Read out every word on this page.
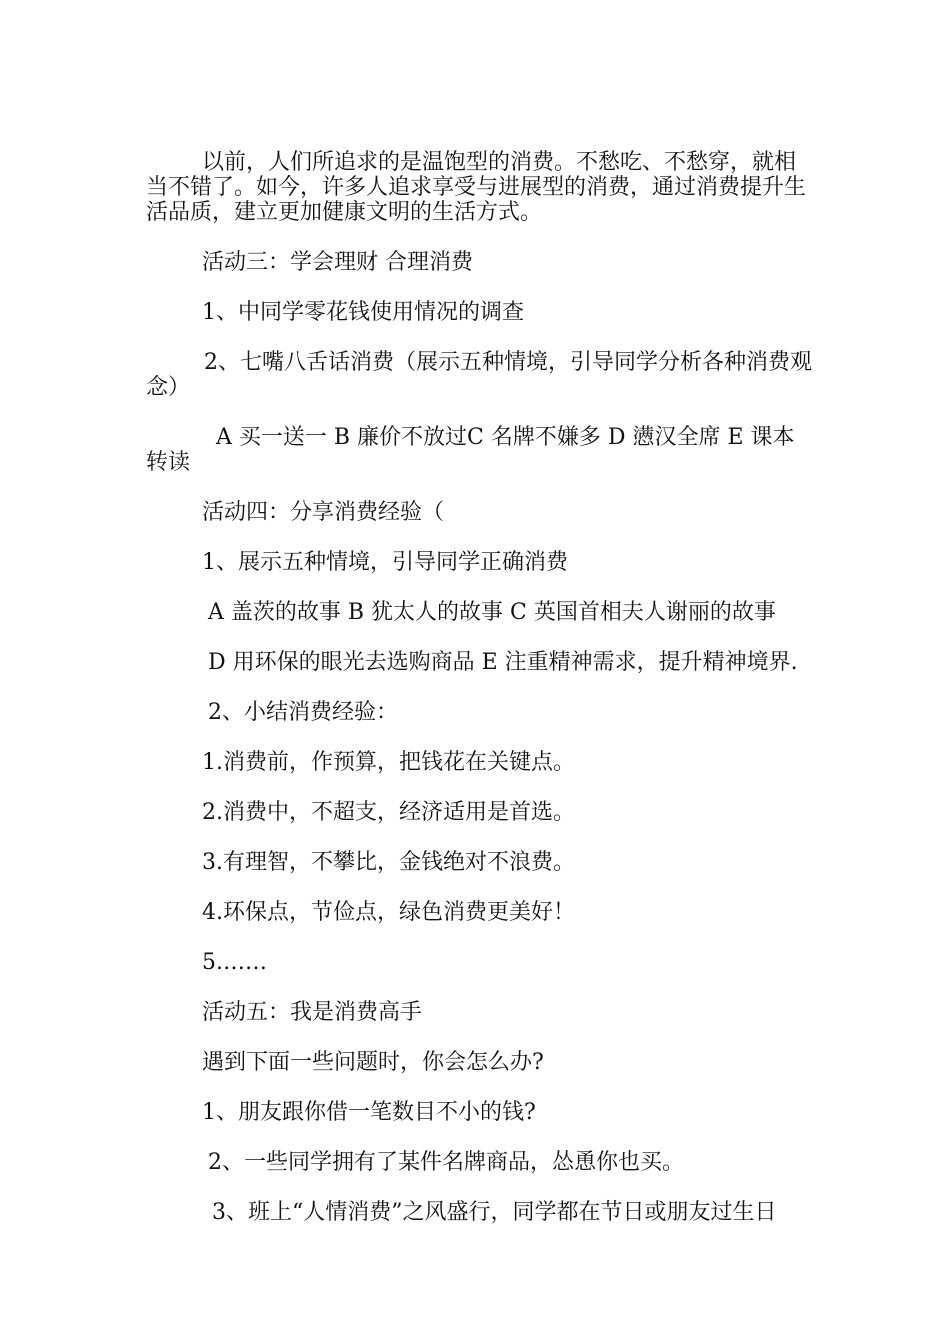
以前，人们所追求的是温饱型的消费。不愁吃、不愁穿，就相当不错了。如今，许多人追求享受与进展型的消费，通过消费提升生活品质，建立更加健康文明的生活方式。

活动三：学会理财 合理消费

1、中同学零花钱使用情况的调查

2、七嘴八舌话消费（展示五种情境，引导同学分析各种消费观念）

A 买一送一 B 廉价不放过C 名牌不嫌多 D 懑汉全席 E 课本转读

活动四：分享消费经验（

1、展示五种情境，引导同学正确消费

A 盖茨的故事 B 犹太人的故事 C 英国首相夫人谢丽的故事

D 用环保的眼光去选购商品 E 注重精神需求，提升精神境界.

2、小结消费经验：

1.消费前，作预算，把钱花在关键点。

2.消费中，不超支，经济适用是首选。

3.有理智，不攀比，金钱绝对不浪费。

4.环保点，节俭点，绿色消费更美好！

5.……

活动五：我是消费高手

遇到下面一些问题时，你会怎么办?

1、朋友跟你借一笔数目不小的钱?

2、一些同学拥有了某件名牌商品，怂恿你也买。

3、班上“人情消费”之风盛行，同学都在节日或朋友过生日
